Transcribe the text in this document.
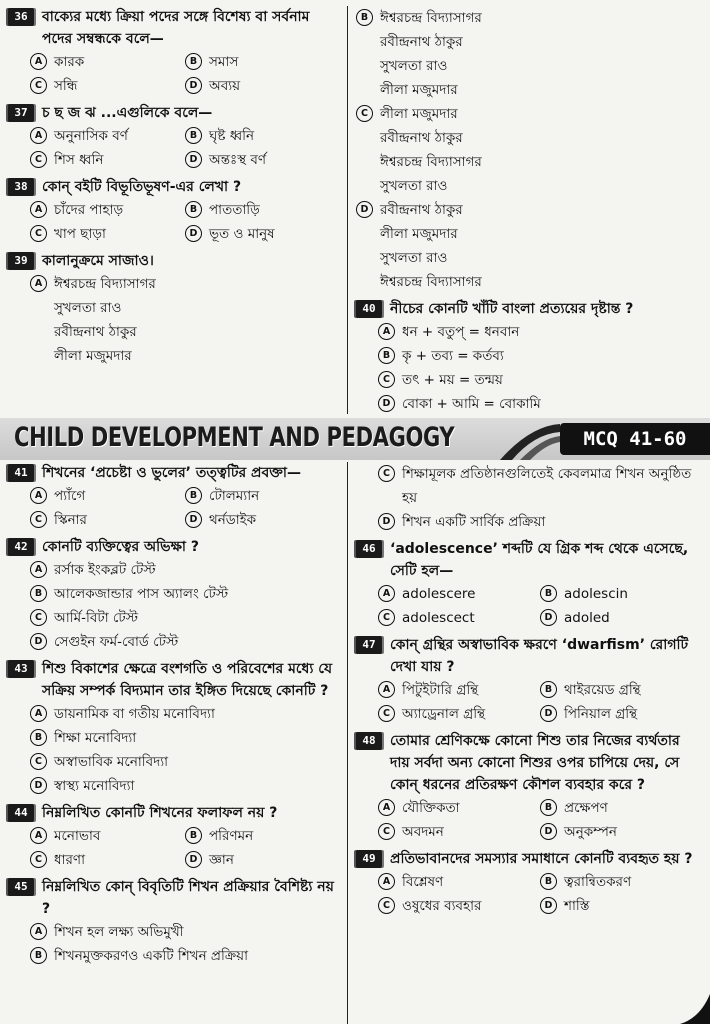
36	বাক্যের মধ্যে ক্রিয়া পদের সঙ্গে বিশেষ্য বা সর্বনাম পদের সম্বন্ধকে বলে—
A কারক	B সমাস
C সন্ধি	D অব্যয়
37	চ ছ জ ঝ ...এগুলিকে বলে—
A অনুনাসিক বর্ণ	B ঘৃষ্ট ধ্বনি
C শিস ধ্বনি	D অন্তঃস্থ বর্ণ
38	কোন্ বইটি বিভূতিভূষণ-এর লেখা ?
A চাঁদের পাহাড়	B পাততাড়ি
C খাপ ছাড়া	D ভূত ও মানুষ
39	কালানুক্রমে সাজাও।
A ঈশ্বরচন্দ্র বিদ্যাসাগর
সুখলতা রাও
রবীন্দ্রনাথ ঠাকুর
লীলা মজুমদার
B ঈশ্বরচন্দ্র বিদ্যাসাগর
রবীন্দ্রনাথ ঠাকুর
সুখলতা রাও
লীলা মজুমদার
C লীলা মজুমদার
রবীন্দ্রনাথ ঠাকুর
ঈশ্বরচন্দ্র বিদ্যাসাগর
সুখলতা রাও
D রবীন্দ্রনাথ ঠাকুর
লীলা মজুমদার
সুখলতা রাও
ঈশ্বরচন্দ্র বিদ্যাসাগর
40	নীচের কোনটি খাঁটি বাংলা প্রত্যয়ের দৃষ্টান্ত ?
A ধন + বতুপ্ = ধনবান
B কৃ + তব্য = কর্তব্য
C তৎ + ময় = তন্ময়
D বোকা + আমি = বোকামি
CHILD DEVELOPMENT AND PEDAGOGY	MCQ 41-60
41	শিখনের ‘প্রচেষ্টা ও ভুলের’ তত্ত্বটির প্রবক্তা—
A প্যাঁগে	B টোলম্যান
C স্কিনার	D থর্নডাইক
42	কোনটি ব্যক্তিত্বের অভিক্ষা ?
A রর্সাক ইংকব্লট টেস্ট
B আলেকজান্ডার পাস অ্যালং টেস্ট
C আর্মি-বিটা টেস্ট
D সেগুইন ফর্ম-বোর্ড টেস্ট
43	শিশু বিকাশের ক্ষেত্রে বংশগতি ও পরিবেশের মধ্যে যে সক্রিয় সম্পর্ক বিদ্যমান তার ইঙ্গিত দিয়েছে কোনটি ?
A ডায়নামিক বা গতীয় মনোবিদ্যা
B শিক্ষা মনোবিদ্যা
C অস্বাভাবিক মনোবিদ্যা
D স্বাস্থ্য মনোবিদ্যা
44	নিম্নলিখিত কোনটি শিখনের ফলাফল নয় ?
A মনোভাব	B পরিণমন
C ধারণা	D জ্ঞান
45	নিম্নলিখিত কোন্ বিবৃতিটি শিখন প্রক্রিয়ার বৈশিষ্ট্য নয় ?
A শিখন হল লক্ষ্য অভিমুখী
B শিখনমুক্তকরণও একটি শিখন প্রক্রিয়া
C শিক্ষামূলক প্রতিষ্ঠানগুলিতেই কেবলমাত্র শিখন অনুষ্ঠিত হয়
D শিখন একটি সার্বিক প্রক্রিয়া
46	‘adolescence’ শব্দটি যে গ্রিক শব্দ থেকে এসেছে, সেটি হল—
A adolescere	B adolescin
C adolescect	D adoled
47	কোন্ গ্রন্থির অস্বাভাবিক ক্ষরণে ‘dwarfism’ রোগটি দেখা যায় ?
A পিটুইটারি গ্রন্থি	B থাইরয়েড গ্রন্থি
C অ্যাড্রেনাল গ্রন্থি	D পিনিয়াল গ্রন্থি
48	তোমার শ্রেণিকক্ষে কোনো শিশু তার নিজের ব্যর্থতার দায় সর্বদা অন্য কোনো শিশুর ওপর চাপিয়ে দেয়, সে কোন্ ধরনের প্রতিরক্ষণ কৌশল ব্যবহার করে ?
A যৌক্তিকতা	B প্রক্ষেপণ
C অবদমন	D অনুকম্পন
49	প্রতিভাবানদের সমস্যার সমাধানে কোনটি ব্যবহৃত হয় ?
A বিশ্লেষণ	B ত্বরান্বিতকরণ
C ওষুধের ব্যবহার	D শাস্তি
